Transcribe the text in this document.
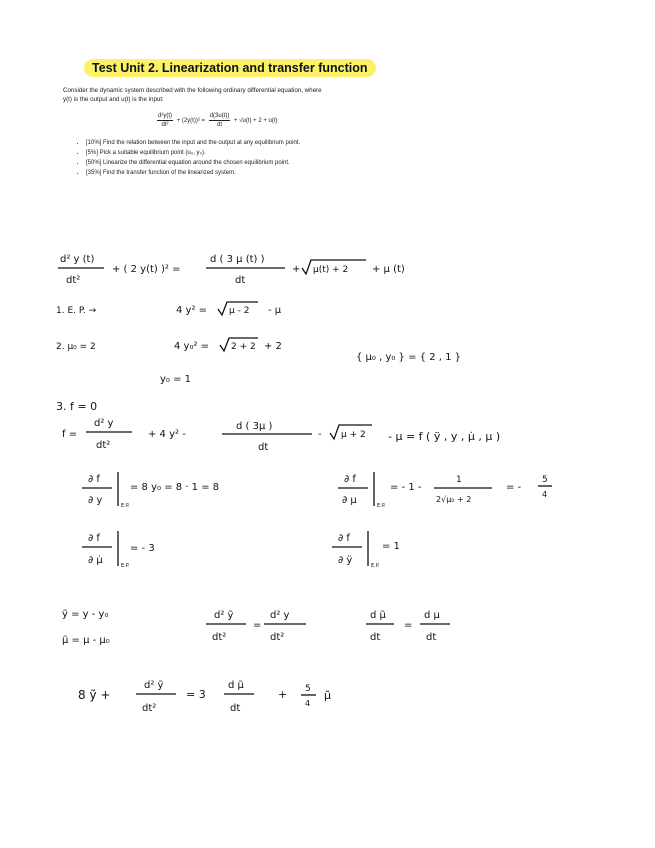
Test Unit 2. Linearization and transfer function
Consider the dynamic system described with the following ordinary differential equation, where
y(t) is the output and u(t) is the input:
$\frac{\text{d²y(t)}}{\text{dt²}} + (2y(t))^2 = \frac{d(3u(t))}{dt} + √u(t) + 2 + u(t)$
• [10%] Find the relation between the input and the output at any equilibrium point.
• [5%] Pick a suitable equilibrium point (u₀, y₀).
• [50%] Linearize the differential equation around the chosen equilibrium point.
• [35%] Find the transfer function of the linearized system.
d² y (t)
dt²
+ ( 2 y(t) )² =
d ( 3 μ (t) )
dt
+ μ(t) + 2 + μ (t)
1. E. P. →	4 y² = μ - 2 - μ
2. μ₀ = 2	4 y₀² = 2 + 2 + 2
{ μ₀ , y₀ } = { 2 , 1 }
y₀ = 1
3. f = 0
f =
d² y
dt²
+ 4 y² -
d ( 3μ )
dt
- μ + 2 - μ = f ( ÿ , y , μ̇ , μ )
∂ f
∂ y	E.P.
= 8 y₀ = 8 · 1 = 8
∂ f
∂ μ	E.P.
= - 1 -
1
2√μ₀ + 2
= -
5
4
∂ f
∂ μ̇	E.P.
= - 3
∂ f
∂ ÿ	E.P.
= 1
ỹ = y - y₀
μ̃ = μ - μ₀
d² ỹ
dt²
=
d² y
dt²
d μ̃
dt
=
d μ
dt
8 ỹ +
d² ỹ
dt²
= 3
d μ̃
dt
+ 5
4
μ̃
